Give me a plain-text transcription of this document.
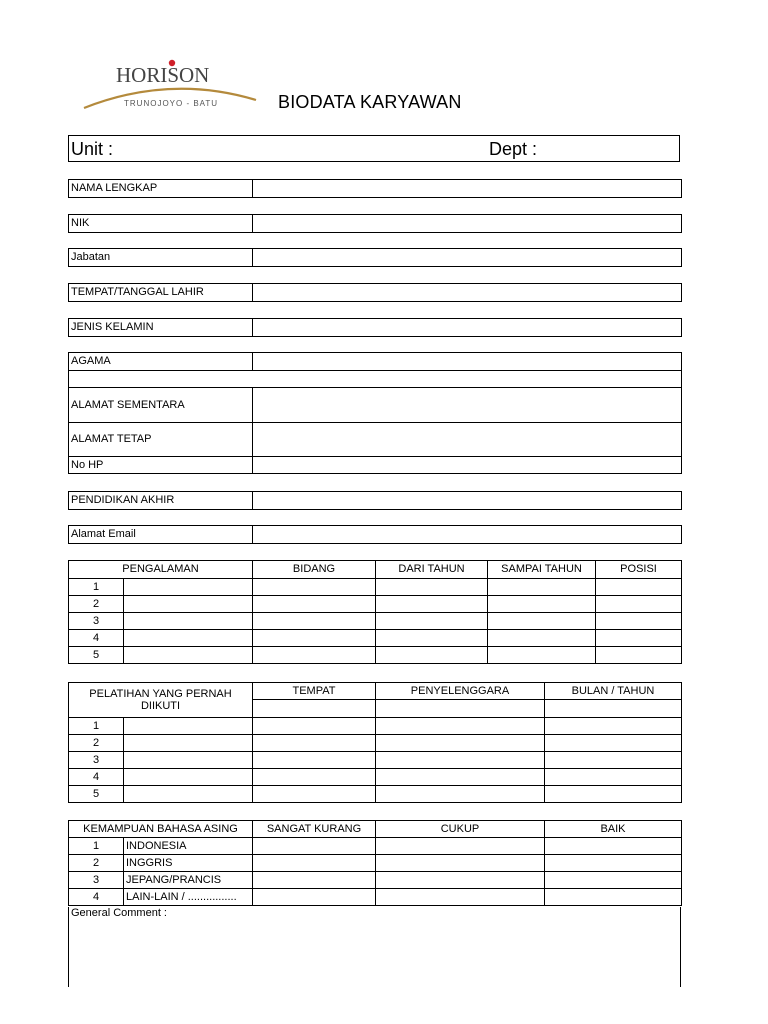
HORISON
TRUNOJOYO - BATU	BIODATA KARYAWAN
Unit :	Dept :
NAMA LENGKAP	
NIK	
Jabatan	
TEMPAT/TANGGAL LAHIR	
JENIS KELAMIN	
AGAMA	

ALAMAT SEMENTARA	
ALAMAT TETAP	
No HP	
PENDIDIKAN AKHIR	
Alamat Email	
PENGALAMAN		BIDANG	DARI TAHUN	SAMPAI TAHUN	POSISI
1					
2					
3					
4					
5					
PELATIHAN YANG PERNAH DIIKUTI		TEMPAT	PENYELENGGARA	BULAN / TAHUN

1				
2				
3				
4				
5				
KEMAMPUAN BAHASA ASING		SANGAT KURANG	CUKUP	BAIK
1	INDONESIA			
2	INGGRIS			
3	JEPANG/PRANCIS			
4	LAIN-LAIN / ................			
General Comment :
